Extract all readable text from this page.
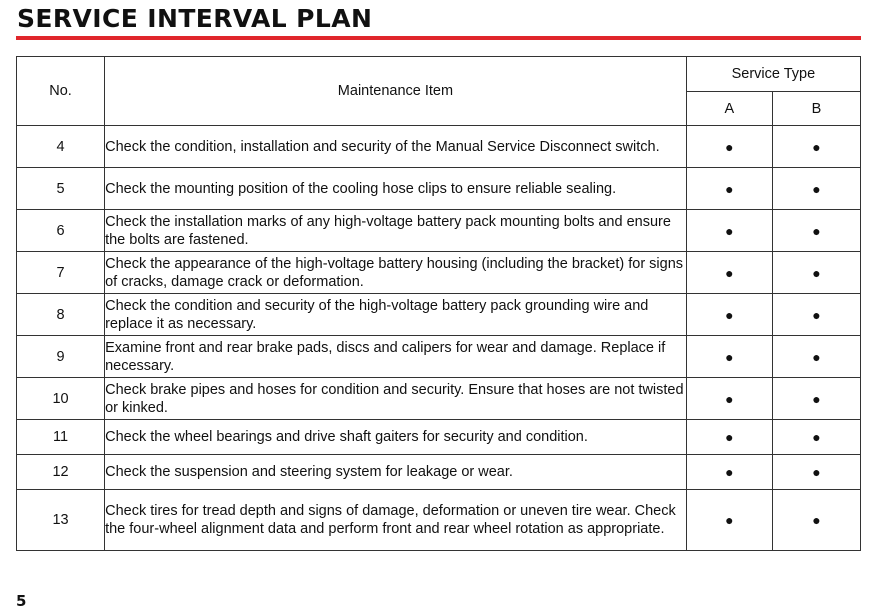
SERVICE INTERVAL PLAN
No.	Maintenance Item	Service Type	
		A	B
4	Check the condition, installation and security of the Manual Service Disconnect switch.	●	●
5	Check the mounting position of the cooling hose clips to ensure reliable sealing.	●	●
6	Check the installation marks of any high-voltage battery pack mounting bolts and ensure the bolts are fastened.	●	●
7	Check the appearance of the high-voltage battery housing (including the bracket) for signs of cracks, damage crack or deformation.	●	●
8	Check the condition and security of the high-voltage battery pack grounding wire and replace it as necessary.	●	●
9	Examine front and rear brake pads, discs and calipers for wear and damage. Replace if necessary.	●	●
10	Check brake pipes and hoses for condition and security. Ensure that hoses are not twisted or kinked.	●	●
11	Check the wheel bearings and drive shaft gaiters for security and condition.	●	●
12	Check the suspension and steering system for leakage or wear.	●	●
13	Check tires for tread depth and signs of damage, deformation or uneven tire wear. Check the four-wheel alignment data and perform front and rear wheel rotation as appropriate.	●	●
5
